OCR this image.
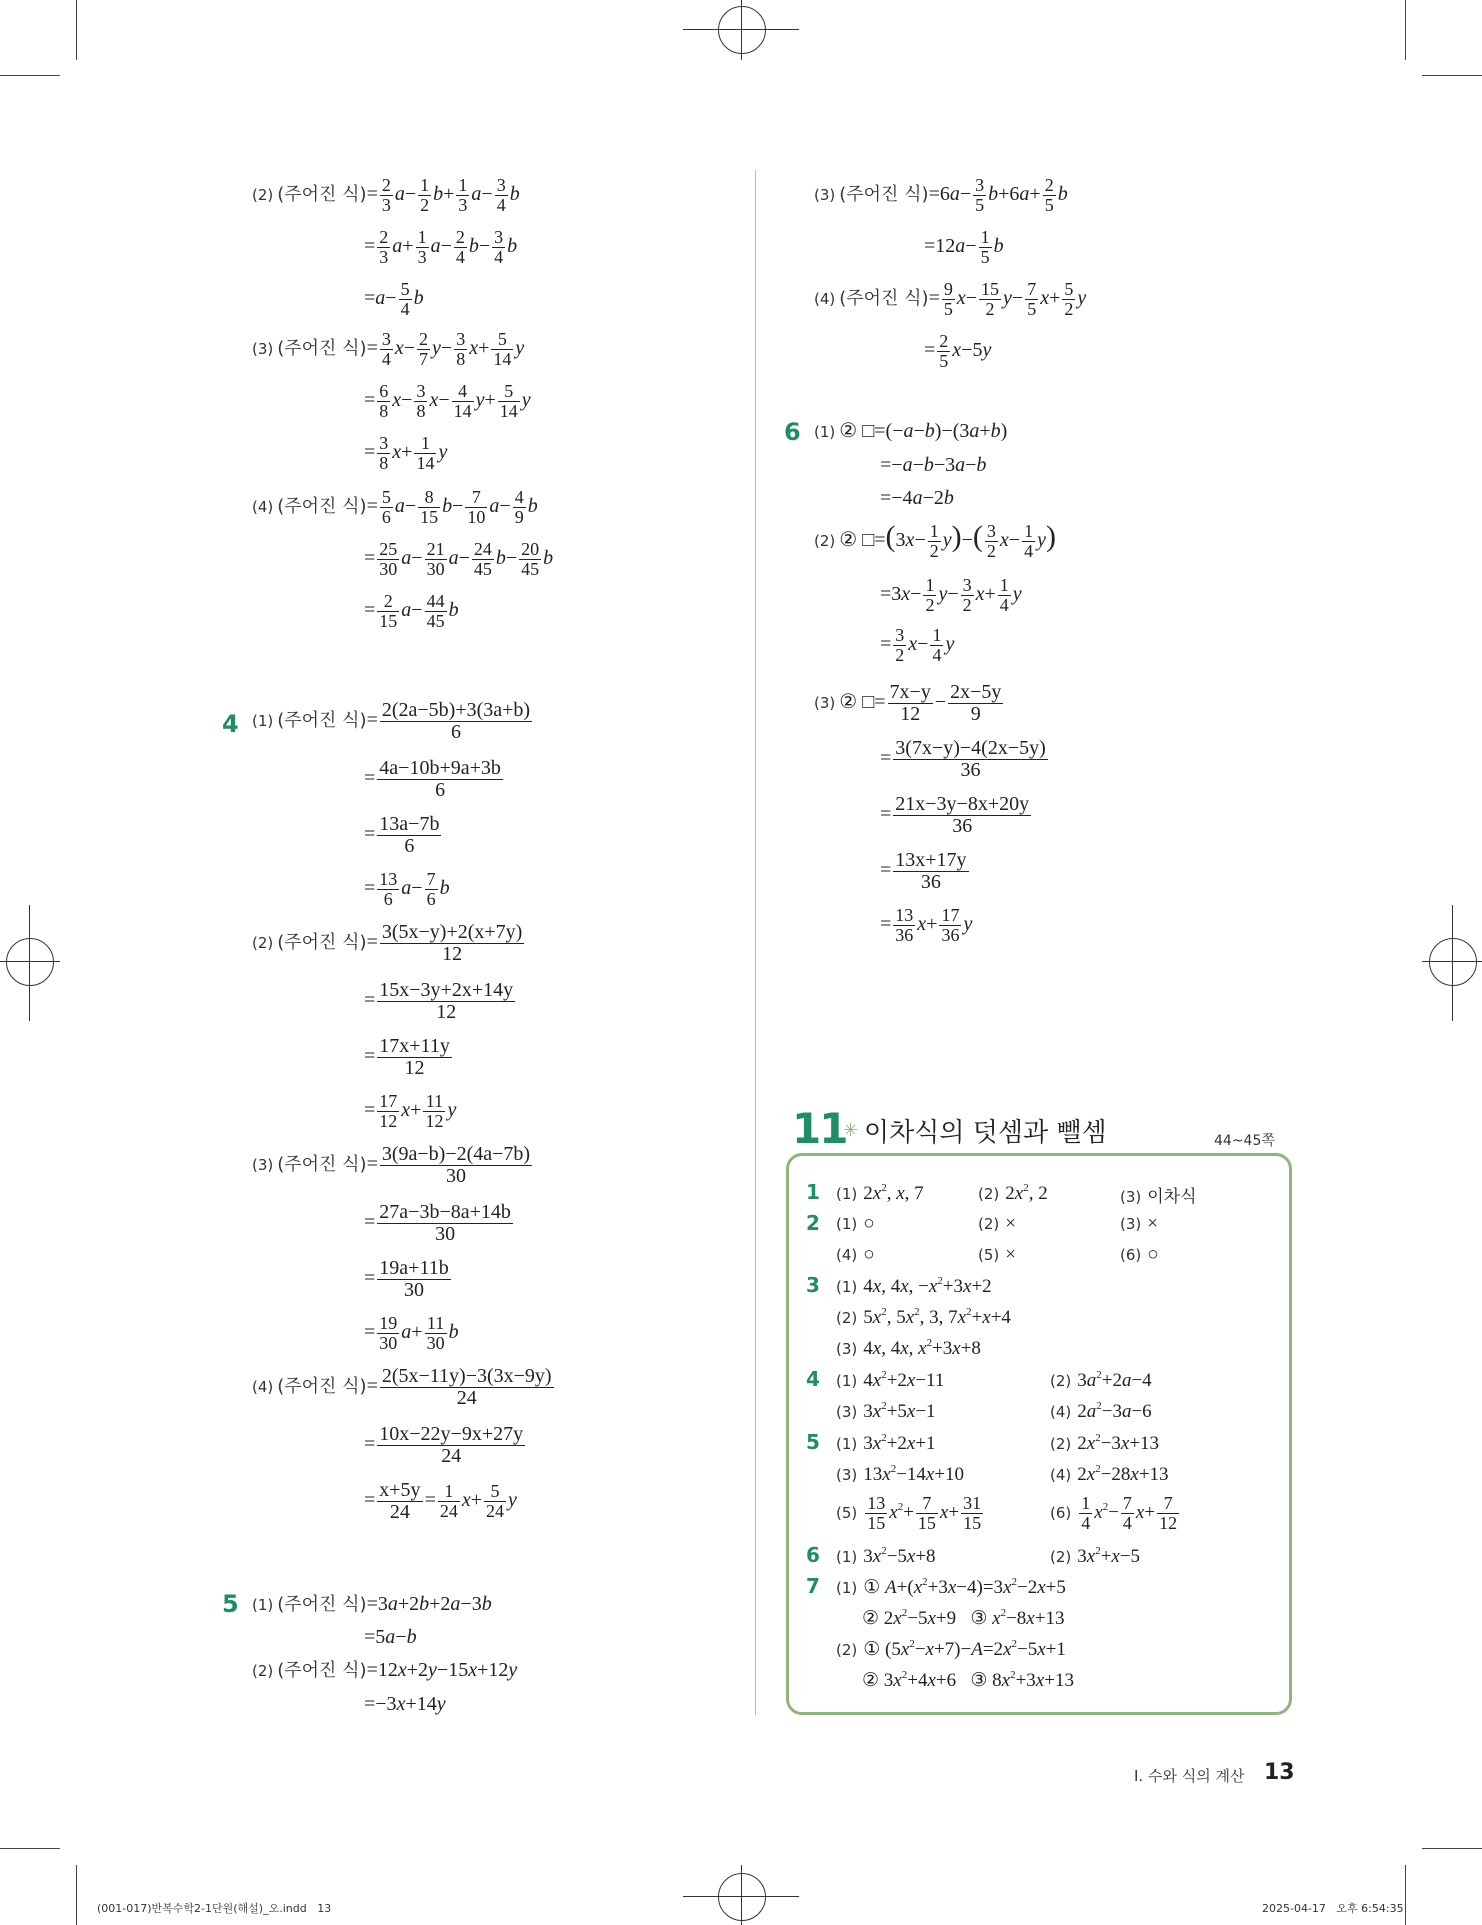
(2) (주어진 식)= $\frac{2}{3} a- \frac{1}{2} b+ \frac{1}{3} a- \frac{3}{4}$ b
= $\frac{2}{3} a+ \frac{1}{3} a- \frac{2}{4} b- \frac{3}{4}$ b
$=a- \frac{5}{4}$ b
(3) (주어진 식)= $\frac{3}{4} x- \frac{2}{7} y- \frac{3}{8} x+ \frac{5}{14}$ y
= $\frac{6}{8} x- \frac{3}{8} x- \frac{4}{14} y+ \frac{5}{14}$ y
= $\frac{3}{8} x+ \frac{1}{14}$ y
(4) (주어진 식)= $\frac{5}{6} a- \frac{8}{15} b- \frac{7}{10} a- \frac{4}{9}$ b
= $\frac{25}{30} a- \frac{21}{30} a- \frac{24}{45} b- \frac{20}{45}$ b
= $\frac{2}{15} a- \frac{44}{45}$ b
4 (1) (주어진 식)= $\frac{2(2a-5b)+3(3a+b)}{6}$
= $\frac{4a-10b+9a+3b}{6}$
= $\frac{13a-7b}{6}$
= $\frac{13}{6} a- \frac{7}{6}$ b
(2) (주어진 식)= $\frac{3(5x-y)+2(x+7y)}{12}$
= $\frac{15x-3y+2x+14y}{12}$
= $\frac{17x+11y}{12}$
= $\frac{17}{12} x+ \frac{11}{12}$ y
(3) (주어진 식)= $\frac{3(9a-b)-2(4a-7b)}{30}$
= $\frac{27a-3b-8a+14b}{30}$
= $\frac{19a+11b}{30}$
= $\frac{19}{30} a+ \frac{11}{30}$ b
(4) (주어진 식)= $\frac{2(5x-11y)-3(3x-9y)}{24}$
= $\frac{10x-22y-9x+27y}{24}$
= $\frac{x+5y}{24} = \frac{1}{24} x+ \frac{5}{24}$ y
5 (1) (주어진 식)=3a+2b+2a−3b
=5a−b
(2) (주어진 식)=12x+2y−15x+12y
=−3x+14y
(3) (주어진 식)$=6a- \frac{3}{5} b+6a+ \frac{2}{5}$ b
$=12a- \frac{1}{5}$ b
(4) (주어진 식)= $\frac{9}{5} x- \frac{15}{2} y- \frac{7}{5} x+ \frac{5}{2}$ y
= $\frac{2}{5} x-5y$
6 (1) ② □=(−a−b)−(3a+b)
=−a−b−3a−b
=−4a−2b
(2) ② □=(3x− $\frac{1}{2} y)-( \frac{3}{2} x- \frac{1}{4} y)$
$=3x- \frac{1}{2} y- \frac{3}{2} x+ \frac{1}{4}$ y
= $\frac{3}{2} x- \frac{1}{4}$ y
(3) ② □= $\frac{7x-y}{12} - \frac{2x-5y}{9}$
= $\frac{3(7x-y)-4(2x-5y)}{36}$
= $\frac{21x-3y-8x+20y}{36}$
= $\frac{13x+17y}{36}$
= $\frac{13}{36} x+ \frac{17}{36}$ y
11
✳ 이차식의 덧셈과 뺄셈	44~45쪽
1 (1) $2x^2$, x, 7	(2) $2x^2$, 2	(3) 이차식
2 (1) ○	(2) ×	(3) ×
(4) ○	(5) ×	(6) ○
3 (1) 4x, 4x, $-x^2+3x+2$
(2) $5x^2$, $5x^2$, 3, $7x^2+x+4$
(3) 4x, 4x, $x^2+3x+8$
4 (1) $4x^2+2x-11$	(2) $3a^2+2a-4$
(3) $3x^2+5x-1$	(4) $2a^2-3a-6$
5 (1) $3x^2+2x+1$	(2) $2x^2-3x+13$
(3) $13x^2-14x+10$	(4) $2x^2-28x+13$
$(5) \frac{13}{15} x^2+ \frac{7}{15} x+ \frac{31}{15}$	$(6) \frac{1}{4} x^2- \frac{7}{4} x+ \frac{7}{12}$
6 (1) $3x^2-5x+8$	(2) $3x^2+x-5$
7 (1) ① $A+(x^2+3x-4)=3x^2-2x+5$
② $2x^2-5x+9$   ③ $x^2-8x+13$
(2) ① $(5x^2-x+7)-A=2x^2-5x+1$
② $3x^2+4x+6$   ③ $8x^2+3x+13$
I. 수와 식의 계산 13
(001-017)반복수학2-1단원(해설)_오.indd   13	2025-04-17   오후 6:54:35
